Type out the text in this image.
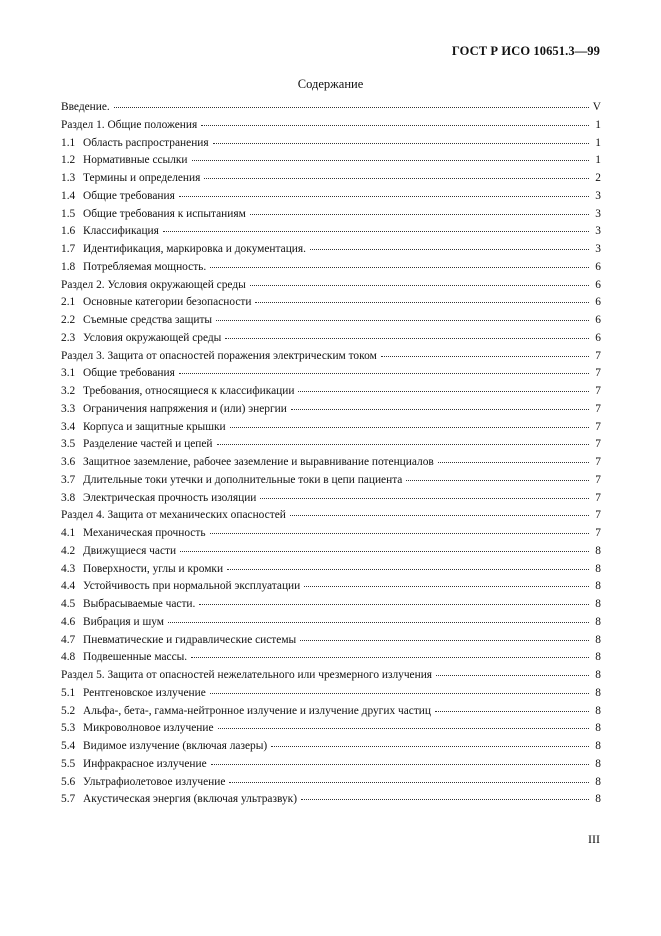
ГОСТ Р ИСО 10651.3—99
Содержание
Введение.	V
Раздел 1. Общие положения	1
1.1 Область распространения	1
1.2 Нормативные ссылки	1
1.3 Термины и определения	2
1.4 Общие требования	3
1.5 Общие требования к испытаниям	3
1.6 Классификация	3
1.7 Идентификация, маркировка и документация.	3
1.8 Потребляемая мощность.	6
Раздел 2. Условия окружающей среды	6
2.1 Основные категории безопасности	6
2.2 Съемные средства защиты	6
2.3 Условия окружающей среды	6
Раздел 3. Защита от опасностей поражения электрическим током	7
3.1 Общие требования	7
3.2 Требования, относящиеся к классификации	7
3.3 Ограничения напряжения и (или) энергии	7
3.4 Корпуса и защитные крышки	7
3.5 Разделение частей и цепей	7
3.6 Защитное заземление, рабочее заземление и выравнивание потенциалов	7
3.7 Длительные токи утечки и дополнительные токи в цепи пациента	7
3.8 Электрическая прочность изоляции	7
Раздел 4. Защита от механических опасностей	7
4.1 Механическая прочность	7
4.2 Движущиеся части	8
4.3 Поверхности, углы и кромки	8
4.4 Устойчивость при нормальной эксплуатации	8
4.5 Выбрасываемые части.	8
4.6 Вибрация и шум	8
4.7 Пневматические и гидравлические системы	8
4.8 Подвешенные массы.	8
Раздел 5. Защита от опасностей нежелательного или чрезмерного излучения	8
5.1 Рентгеновское излучение	8
5.2 Альфа-, бета-, гамма-нейтронное излучение и излучение других частиц	8
5.3 Микроволновое излучение	8
5.4 Видимое излучение (включая лазеры)	8
5.5 Инфракрасное излучение	8
5.6 Ультрафиолетовое излучение	8
5.7 Акустическая энергия (включая ультразвук)	8
III
